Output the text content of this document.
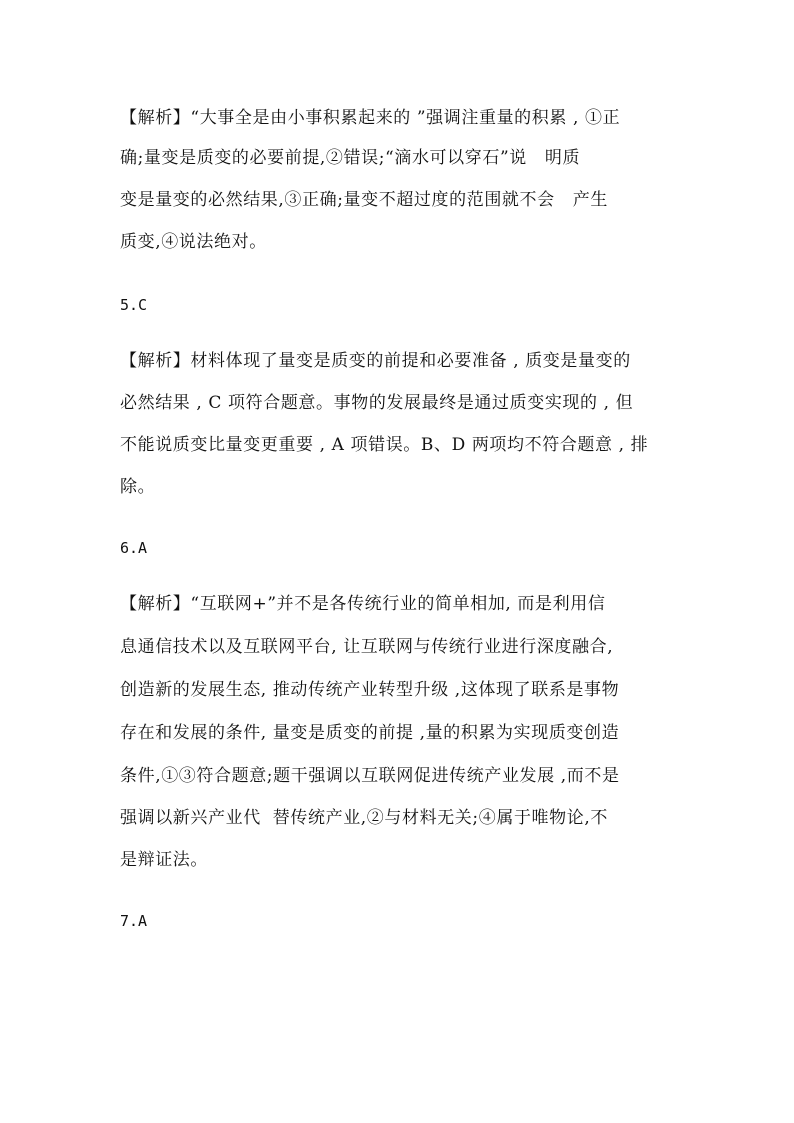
【解析】“大事全是由小事积累起来的 ”强调注重量的积累 , ①正
确;量变是质变的必要前提,②错误;“滴水可以穿石”说   明质
变是量变的必然结果,③正确;量变不超过度的范围就不会   产生
质变,④说法绝对。
5.C
【解析】材料体现了量变是质变的前提和必要准备 , 质变是量变的
必然结果 , C 项符合题意。事物的发展最终是通过质变实现的 , 但
不能说质变比量变更重要 , A 项错误。B、D 两项均不符合题意 , 排
除。
6.A
【解析】“互联网+”并不是各传统行业的简单相加, 而是利用信
息通信技术以及互联网平台, 让互联网与传统行业进行深度融合,
创造新的发展生态, 推动传统产业转型升级 ,这体现了联系是事物
存在和发展的条件, 量变是质变的前提 ,量的积累为实现质变创造
条件,①③符合题意;题干强调以互联网促进传统产业发展 ,而不是
强调以新兴产业代  替传统产业,②与材料无关;④属于唯物论,不
是辩证法。
7.A
